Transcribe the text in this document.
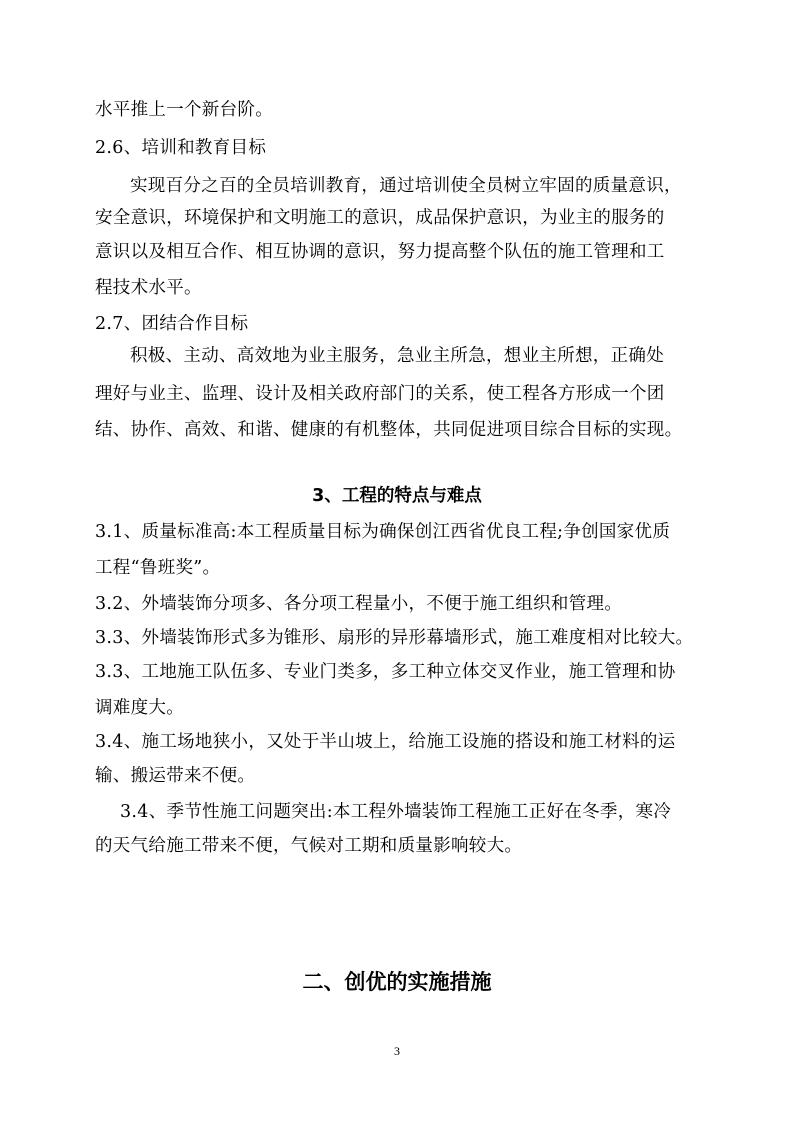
水平推上一个新台阶。
2.6、培训和教育目标
实现百分之百的全员培训教育，通过培训使全员树立牢固的质量意识，
安全意识，环境保护和文明施工的意识，成品保护意识，为业主的服务的
意识以及相互合作、相互协调的意识，努力提高整个队伍的施工管理和工
程技术水平。
2.7、团结合作目标
积极、主动、高效地为业主服务，急业主所急，想业主所想，正确处
理好与业主、监理、设计及相关政府部门的关系，使工程各方形成一个团
结、协作、高效、和谐、健康的有机整体，共同促进项目综合目标的实现。
3、工程的特点与难点
3.1、质量标准高:本工程质量目标为确保创江西省优良工程;争创国家优质
工程“鲁班奖”。
3.2、外墙装饰分项多、各分项工程量小，不便于施工组织和管理。
3.3、外墙装饰形式多为锥形、扇形的异形幕墙形式，施工难度相对比较大。
3.3、工地施工队伍多、专业门类多，多工种立体交叉作业，施工管理和协
调难度大。
3.4、施工场地狭小，又处于半山坡上，给施工设施的搭设和施工材料的运
输、搬运带来不便。
3.4、季节性施工问题突出:本工程外墙装饰工程施工正好在冬季，寒冷
的天气给施工带来不便，气候对工期和质量影响较大。
二、创优的实施措施
3
